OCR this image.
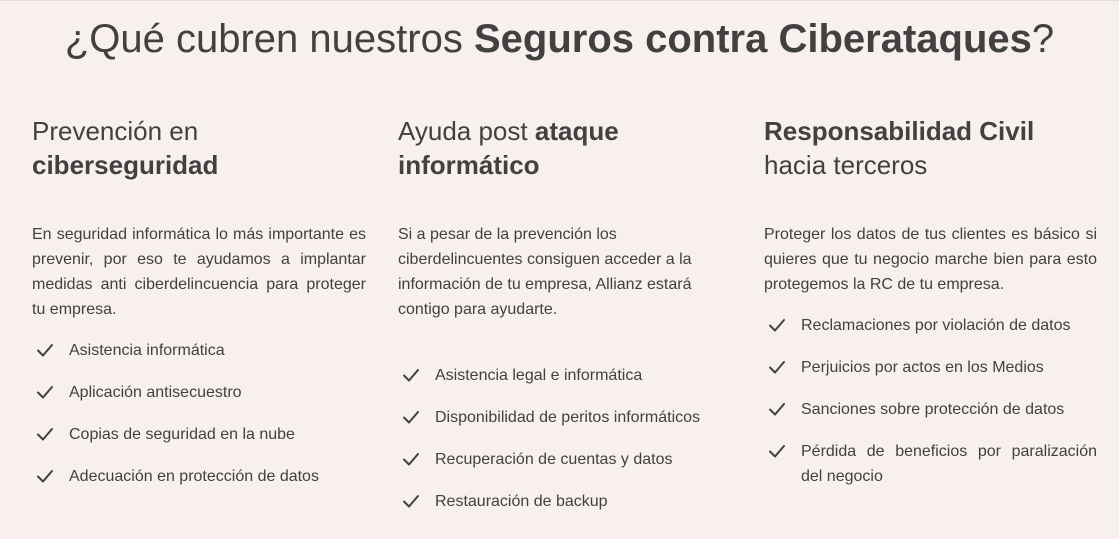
¿Qué cubren nuestros Seguros contra Ciberataques?
Prevención en
ciberseguridad

En seguridad informática lo más importante es prevenir, por eso te ayudamos a implantar medidas anti ciberdelincuencia para proteger tu empresa.

Asistencia informática
Aplicación antisecuestro
Copias de seguridad en la nube
Adecuación en protección de datos
Ayuda post ataque informático

Si a pesar de la prevención los ciberdelincuentes consiguen acceder a la información de tu empresa, Allianz estará contigo para ayudarte.

Asistencia legal e informática
Disponibilidad de peritos informáticos
Recuperación de cuentas y datos
Restauración de backup
Responsabilidad Civil
hacia terceros

Proteger los datos de tus clientes es básico si quieres que tu negocio marche bien para esto protegemos la RC de tu empresa.

Reclamaciones por violación de datos
Perjuicios por actos en los Medios
Sanciones sobre protección de datos
Pérdida de beneficios por paralización del negocio
